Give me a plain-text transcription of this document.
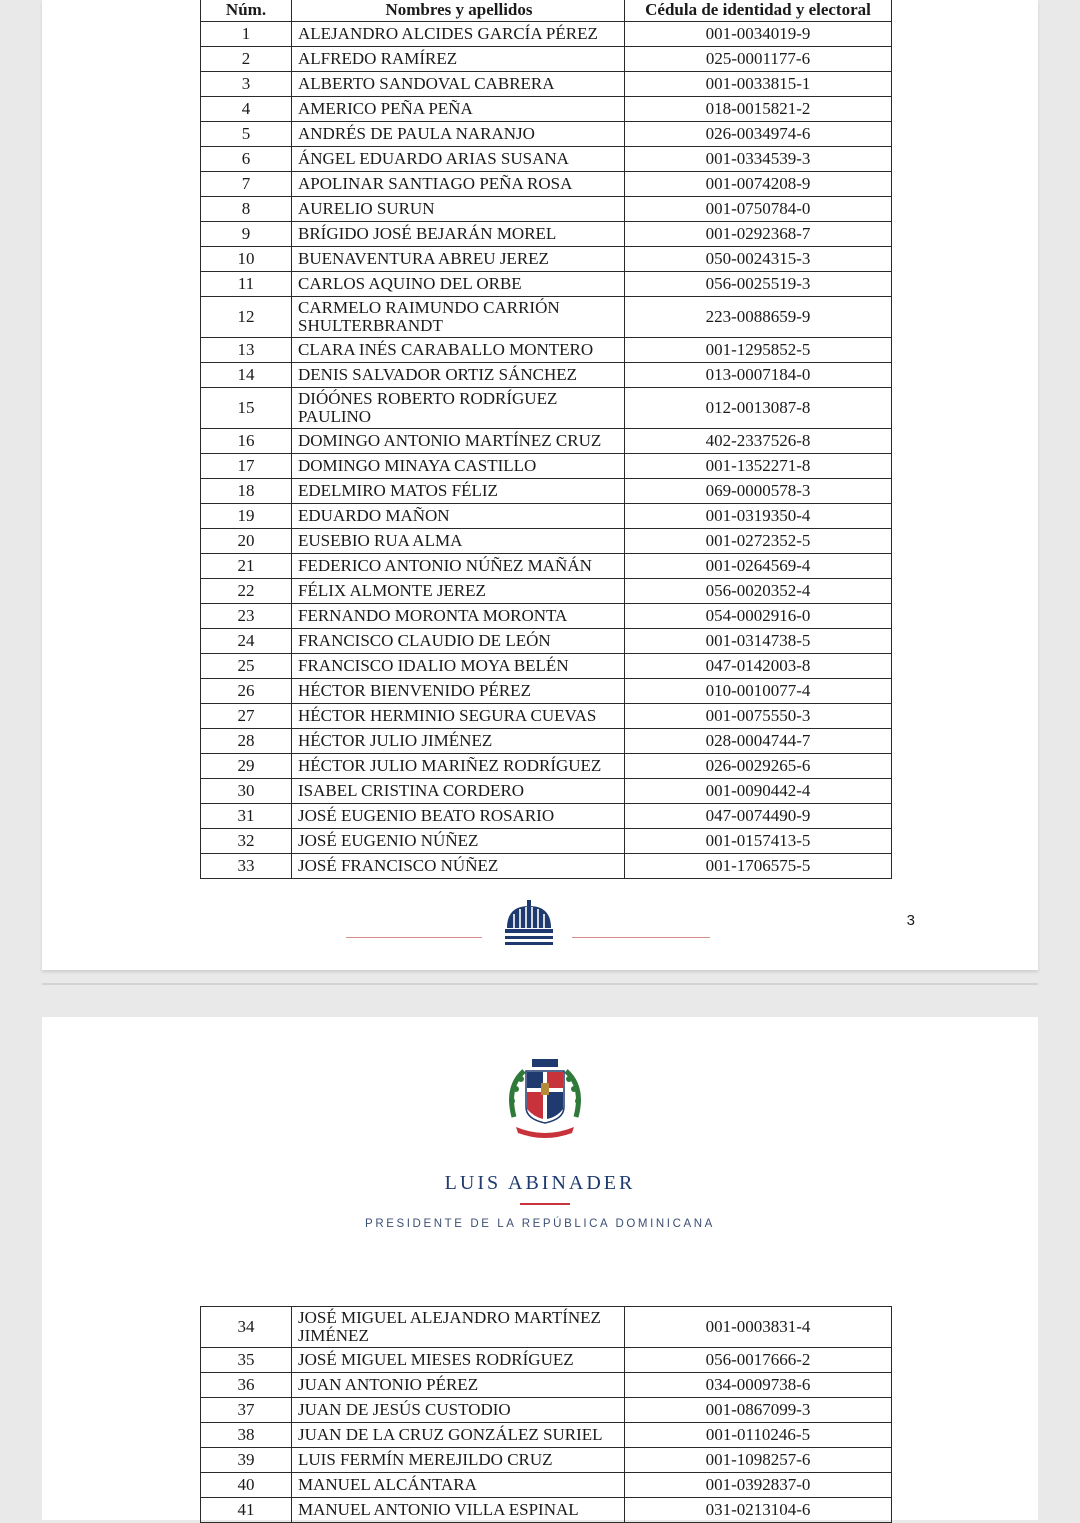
Núm.	Nombres y apellidos	Cédula de identidad y electoral
1	ALEJANDRO ALCIDES GARCÍA PÉREZ	001-0034019-9
2	ALFREDO RAMÍREZ	025-0001177-6
3	ALBERTO SANDOVAL CABRERA	001-0033815-1
4	AMERICO PEÑA PEÑA	018-0015821-2
5	ANDRÉS DE PAULA NARANJO	026-0034974-6
6	ÁNGEL EDUARDO ARIAS SUSANA	001-0334539-3
7	APOLINAR SANTIAGO PEÑA ROSA	001-0074208-9
8	AURELIO SURUN	001-0750784-0
9	BRÍGIDO JOSÉ BEJARÁN MOREL	001-0292368-7
10	BUENAVENTURA ABREU JEREZ	050-0024315-3
11	CARLOS AQUINO DEL ORBE	056-0025519-3
12	CARMELO RAIMUNDO CARRIÓN SHULTERBRANDT	223-0088659-9
13	CLARA INÉS CARABALLO MONTERO	001-1295852-5
14	DENIS SALVADOR ORTIZ SÁNCHEZ	013-0007184-0
15	DIÓÓNES ROBERTO RODRÍGUEZ PAULINO	012-0013087-8
16	DOMINGO ANTONIO MARTÍNEZ CRUZ	402-2337526-8
17	DOMINGO MINAYA CASTILLO	001-1352271-8
18	EDELMIRO MATOS FÉLIZ	069-0000578-3
19	EDUARDO MAÑON	001-0319350-4
20	EUSEBIO RUA ALMA	001-0272352-5
21	FEDERICO ANTONIO NÚÑEZ MAÑÁN	001-0264569-4
22	FÉLIX ALMONTE JEREZ	056-0020352-4
23	FERNANDO MORONTA MORONTA	054-0002916-0
24	FRANCISCO CLAUDIO DE LEÓN	001-0314738-5
25	FRANCISCO IDALIO MOYA BELÉN	047-0142003-8
26	HÉCTOR BIENVENIDO PÉREZ	010-0010077-4
27	HÉCTOR HERMINIO SEGURA CUEVAS	001-0075550-3
28	HÉCTOR JULIO JIMÉNEZ	028-0004744-7
29	HÉCTOR JULIO MARIÑEZ RODRÍGUEZ	026-0029265-6
30	ISABEL CRISTINA CORDERO	001-0090442-4
31	JOSÉ EUGENIO BEATO ROSARIO	047-0074490-9
32	JOSÉ EUGENIO NÚÑEZ	001-0157413-5
33	JOSÉ FRANCISCO NÚÑEZ	001-1706575-5
3
LUIS ABINADER
PRESIDENTE DE LA REPÚBLICA DOMINICANA
34	JOSÉ MIGUEL ALEJANDRO MARTÍNEZ JIMÉNEZ	001-0003831-4
35	JOSÉ MIGUEL MIESES RODRÍGUEZ	056-0017666-2
36	JUAN ANTONIO PÉREZ	034-0009738-6
37	JUAN DE JESÚS CUSTODIO	001-0867099-3
38	JUAN DE LA CRUZ GONZÁLEZ SURIEL	001-0110246-5
39	LUIS FERMÍN MEREJILDO CRUZ	001-1098257-6
40	MANUEL ALCÁNTARA	001-0392837-0
41	MANUEL ANTONIO VILLA ESPINAL	031-0213104-6
